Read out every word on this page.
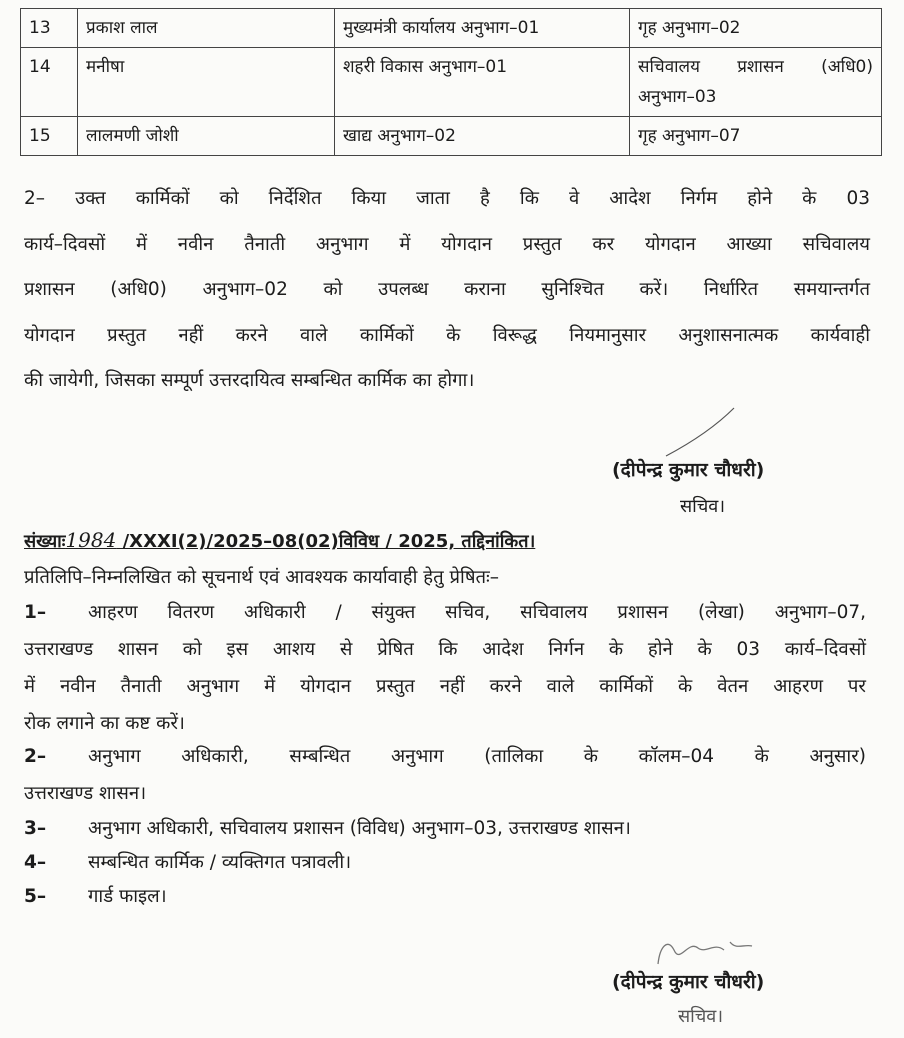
13	प्रकाश लाल	मुख्यमंत्री कार्यालय अनुभाग–01	गृह अनुभाग–02
14	मनीषा	शहरी विकास अनुभाग–01	सचिवालय प्रशासन (अधि0)
अनुभाग–03

15	लालमणी जोशी	खाद्य अनुभाग–02	गृह अनुभाग–07
2– उक्त कार्मिकों को निर्देशित किया जाता है कि वे आदेश निर्गम होने के 03
कार्य–दिवसों में नवीन तैनाती अनुभाग में योगदान प्रस्तुत कर योगदान आख्या सचिवालय
प्रशासन (अधि0) अनुभाग–02 को उपलब्ध कराना सुनिश्चित करें। निर्धारित समयान्तर्गत
योगदान प्रस्तुत नहीं करने वाले कार्मिकों के विरूद्ध नियमानुसार अनुशासनात्मक कार्यवाही
की जायेगी, जिसका सम्पूर्ण उत्तरदायित्व सम्बन्धित कार्मिक का होगा।
(दीपेन्द्र कुमार चौधरी)
सचिव।
संख्याः1984 /XXXI(2)/2025–08(02)विविध / 2025, तद्दिनांकित।
प्रतिलिपि–निम्नलिखित को सूचनार्थ एवं आवश्यक कार्यावाही हेतु प्रेषितः–
1– आहरण वितरण अधिकारी / संयुक्त सचिव, सचिवालय प्रशासन (लेखा) अनुभाग–07,
उत्तराखण्ड शासन को इस आशय से प्रेषित कि आदेश निर्गन के होने के 03 कार्य–दिवसों
में नवीन तैनाती अनुभाग में योगदान प्रस्तुत नहीं करने वाले कार्मिकों के वेतन आहरण पर
रोक लगाने का कष्ट करें।
2– अनुभाग अधिकारी, सम्बन्धित अनुभाग (तालिका के कॉलम–04 के अनुसार)
उत्तराखण्ड शासन।
3– अनुभाग अधिकारी, सचिवालय प्रशासन (विविध) अनुभाग–03, उत्तराखण्ड शासन।
4– सम्बन्धित कार्मिक / व्यक्तिगत पत्रावली।
5– गार्ड फाइल।
(दीपेन्द्र कुमार चौधरी)
सचिव।
